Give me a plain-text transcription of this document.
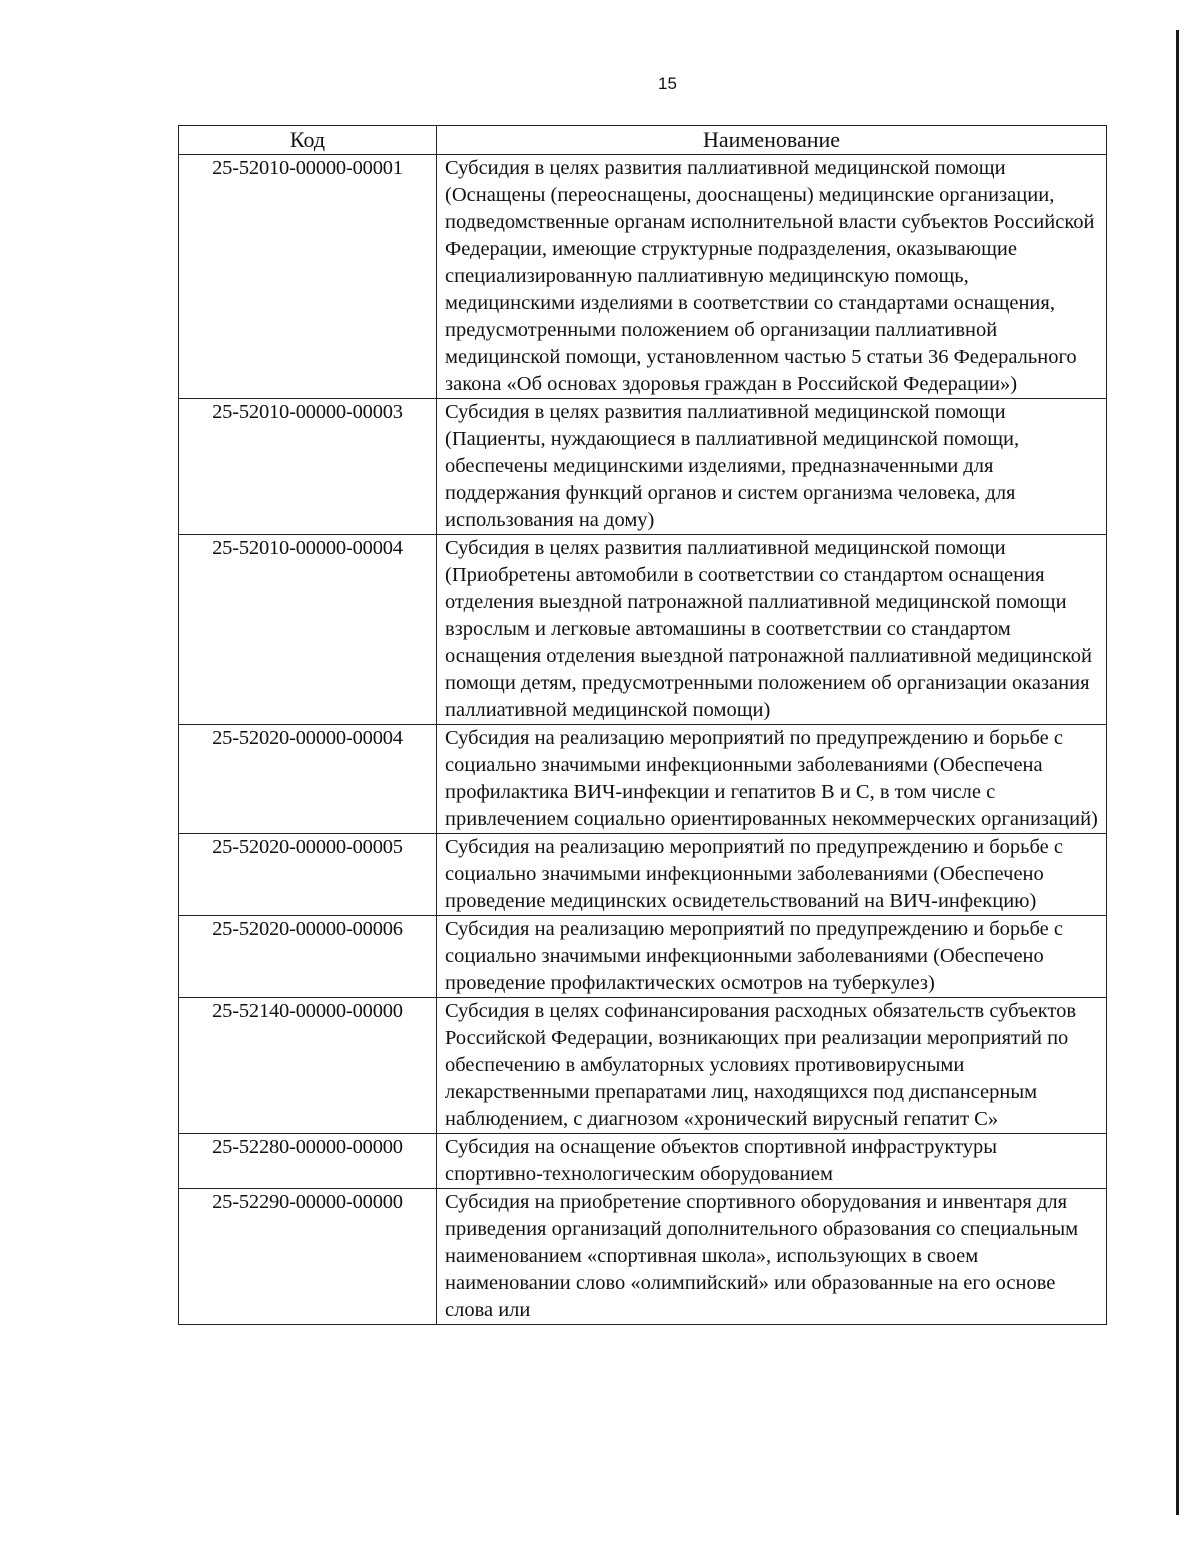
15
Код	Наименование
25-52010-00000-00001	Субсидия в целях развития паллиативной медицинской помощи (Оснащены (переоснащены, дооснащены) медицинские организации, подведомственные органам исполнительной власти субъектов Российской Федерации, имеющие структурные подразделения, оказывающие специализированную паллиативную медицинскую помощь, медицинскими изделиями в соответствии со стандартами оснащения, предусмотренными положением об организации паллиативной медицинской помощи, установленном частью 5 статьи 36 Федерального закона «Об основах здоровья граждан в Российской Федерации»)
25-52010-00000-00003	Субсидия в целях развития паллиативной медицинской помощи (Пациенты, нуждающиеся в паллиативной медицинской помощи, обеспечены медицинскими изделиями, предназначенными для поддержания функций органов и систем организма человека, для использования на дому)
25-52010-00000-00004	Субсидия в целях развития паллиативной медицинской помощи (Приобретены автомобили в соответствии со стандартом оснащения отделения выездной патронажной паллиативной медицинской помощи взрослым и легковые автомашины в соответствии со стандартом оснащения отделения выездной патронажной паллиативной медицинской помощи детям, предусмотренными положением об организации оказания паллиативной медицинской помощи)
25-52020-00000-00004	Субсидия на реализацию мероприятий по предупреждению и борьбе с социально значимыми инфекционными заболеваниями (Обеспечена профилактика ВИЧ-инфекции и гепатитов B и C, в том числе с привлечением социально ориентированных некоммерческих организаций)
25-52020-00000-00005	Субсидия на реализацию мероприятий по предупреждению и борьбе с социально значимыми инфекционными заболеваниями (Обеспечено проведение медицинских освидетельствований на ВИЧ-инфекцию)
25-52020-00000-00006	Субсидия на реализацию мероприятий по предупреждению и борьбе с социально значимыми инфекционными заболеваниями (Обеспечено проведение профилактических осмотров на туберкулез)
25-52140-00000-00000	Субсидия в целях софинансирования расходных обязательств субъектов Российской Федерации, возникающих при реализации мероприятий по обеспечению в амбулаторных условиях противовирусными лекарственными препаратами лиц, находящихся под диспансерным наблюдением, с диагнозом «хронический вирусный гепатит С»
25-52280-00000-00000	Субсидия на оснащение объектов спортивной инфраструктуры спортивно-технологическим оборудованием
25-52290-00000-00000	Субсидия на приобретение спортивного оборудования и инвентаря для приведения организаций дополнительного образования со специальным наименованием «спортивная школа», использующих в своем наименовании слово «олимпийский» или образованные на его основе слова или
